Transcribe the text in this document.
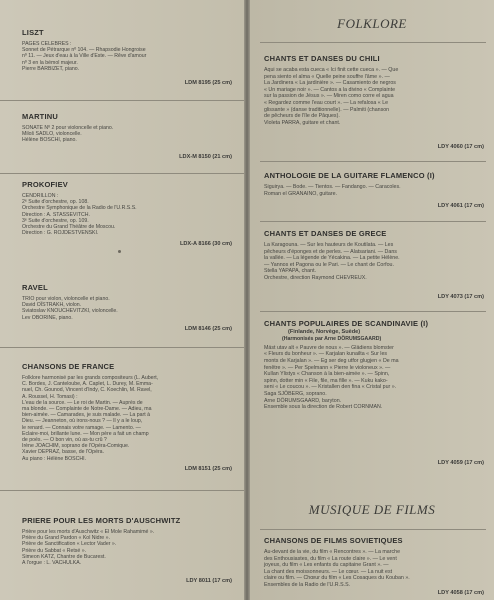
LISZT
PAGES CELEBRES :
Sonnet de Pétrarque nº 104. — Rhapsodie Hongroise
nº 11. — Jeux d'eau à la Ville d'Este. — Rêve d'amour
nº 3 en la bémol majeur.
Pierre BARBIZET, piano.
LDM 8195 (25 cm)
MARTINU
SONATE Nº 2 pour violoncelle et piano.
Miloš SADLO, violoncelle.
Hélène BOSCHI, piano.
LDX-M 8150 (21 cm)
PROKOFIEV
CENDRILLON :
2ᵉ Suite d'orchestre, op. 108.
Orchestre Symphonique de la Radio de l'U.R.S.S.
Direction : A. STASSEVITCH.
3ᵉ Suite d'orchestre, op. 109.
Orchestre du Grand Théâtre de Moscou.
Direction : G. ROJDESTVENSKI.
LDX-A 8166 (30 cm)
RAVEL
TRIO pour violon, violoncelle et piano.
David OÏSTRAKH, violon.
Sviatoslav KNOUCHEVITZKI, violoncelle.
Lev OBORINE, piano.
LDM 8146 (25 cm)
CHANSONS DE FRANCE
Folklore harmonisé par les grands compositeurs (L. Aubert,
C. Bordes, J. Canteloube, A. Caplet, L. Durey, M. Emma-
nuel, Ch. Gounod, Vincent d'Indy, C. Koechlin, M. Ravel,
A. Roussel, H. Tomasi) :
L'eau de la source. — Le roi de Martin. — Auprès de
ma blonde. — Complainte de Notre-Dame. — Adieu, ma
bien-aimée. — Camarades, je suis malade. — La part à
Dieu. — Jeanneton, où irons-nous ? — Il y a le loup,
le renard. — Connais votre ramage. — Lamento. —
Eclaire-moi, brillante lune. — Mon père a fait un champ
de poés. — O bon vin, où as-tu crû ?
Irène JOACHIM, soprano de l'Opéra-Comique.
Xavier DEPRAZ, basse, de l'Opéra.
Au piano : Hélène BOSCHI.
LDM 8151 (25 cm)
PRIERE POUR LES MORTS D'AUSCHWITZ
Prière pour les morts d'Auschwitz « El Mole Rahamimé ».
Prière du Grand Pardon « Kol Nidre ».
Prière de Sanctification « Lector Vader ».
Prière du Sabbat « Retsé ».
Simeon KATZ, Chantre de Bucarest.
A l'orgue : L. VACHULKA.
LDY 8011 (17 cm)
FOLKLORE
CHANTS ET DANSES DU CHILI
Aqui se acaba esta cueca « Ici finit cette cueca ». — Que
pena siento el alma « Quelle peine souffre l'âme ». —
La Jardinera « La jardinière ». — Casamiento de negros
« Un mariage noir ». — Cantos a la divino « Complainte
sur la passion de Jésus ». — Miren como corre el agua
« Regardez comme l'eau court ». — La refalosa « Le
glissante » (danse traditionnelle). — Palmiti (chanson
de pêcheurs de l'île de Pâques).
Violeta PARRA, guitare et chant.
LDY 4060 (17 cm)
ANTHOLOGIE DE LA GUITARE FLAMENCO (I)
Siguirya. — Bode. — Tientos. — Fandango. — Caracoles.
Roman el GRANAINO, guitare.
LDY 4061 (17 cm)
CHANTS ET DANSES DE GRECE
La Karagouna. — Sur les hauteurs de Koutilata. — Les
pêcheurs d'éponges et de perles. — Alatsariani. — Dans
la vallée. — La légende de Yécakina. — La petite Hélène.
— Yannos et Pagona ou le Pari. — Le chant de Corfou.
Stella YAPAPA, chant.
Orchestre, direction Raymond CHEVREUX.
LDY 4073 (17 cm)
CHANTS POPULAIRES DE SCANDINAVIE (I)
(Finlande, Norvège, Suède)
(Harmonisés par Arne DÖRUMSGAARD)
Mást utav alt « Pauvre de nous ». — Glädiens blomster
« Fleurs du bonheur ». — Karjalan kunailta « Sur les
monts de Karjalan ». — Eg ser deg utfor glugjen « De ma
fenêtre ». — Per Spelmann « Pierre le violoneux ». —
Kullan Ylistys « Chanson à la bien-aimée ». — Spinn,
spinn, dotter min « File, file, ma fille ». — Kuku kako-
seni « Le coucou ». — Kristallen den fina « Cristal pur ».
Saga SJÖBERG, soprano.
Arne DÖRUMSGAARD, baryton.
Ensemble sous la direction de Robert CORNMAN.
LDY 4059 (17 cm)
MUSIQUE DE FILMS
CHANSONS DE FILMS SOVIETIQUES
Au-devant de la vie, du film « Rencontres ». — La marche
des Enthousiastes, du film « La route claire ». — Le vent
joyeux, du film « Les enfants du capitaine Grant ». —
La chant des moissonneurs. — Le cœur. — La nuit est
claire ou film. — Chœur du film « Les Cosaques du Kouban ».
Ensembles de la Radio de l'U.R.S.S.
LDY 4058 (17 cm)
